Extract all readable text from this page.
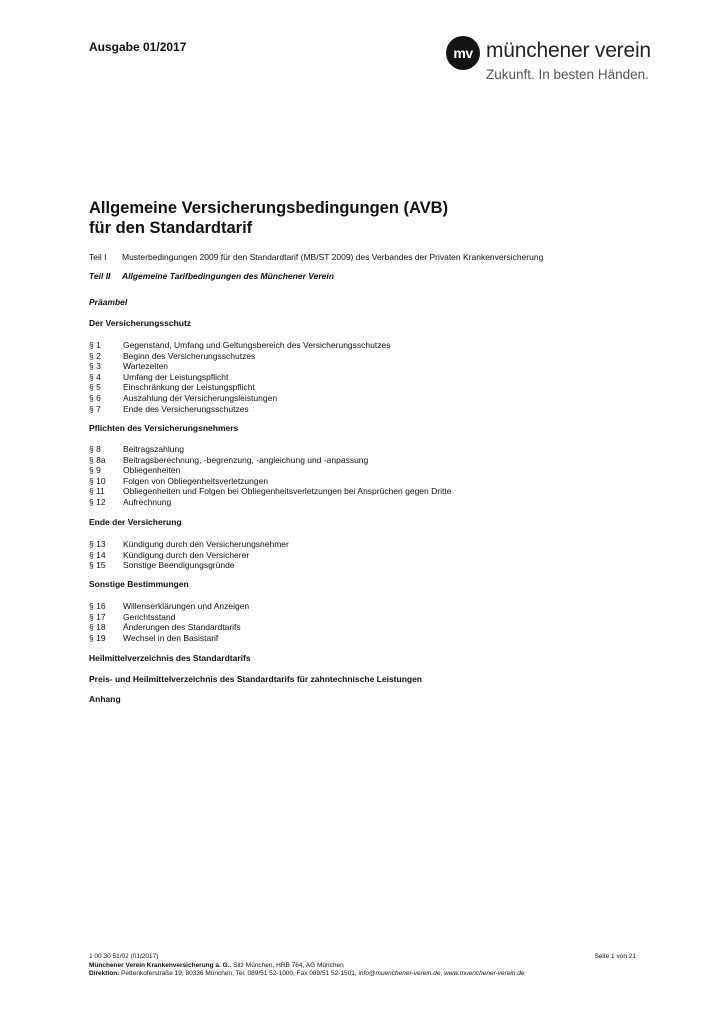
Ausgabe 01/2017	mv münchener verein
Zukunft. In besten Händen.
Allgemeine Versicherungsbedingungen (AVB)
für den Standardtarif
Teil I Musterbedingungen 2009 für den Standardtarif (MB/ST 2009) des Verbandes der Privaten Krankenversicherung
Teil II Allgemeine Tarifbedingungen des Münchener Verein
Präambel
Der Versicherungsschutz
§ 1	Gegenstand, Umfang und Geltungsbereich des Versicherungsschutzes
§ 2	Beginn des Versicherungsschutzes
§ 3	Wartezeiten
§ 4	Umfang der Leistungspflicht
§ 5	Einschränkung der Leistungspflicht
§ 6	Auszahlung der Versicherungsleistungen
§ 7	Ende des Versicherungsschutzes
Pflichten des Versicherungsnehmers
§ 8	Beitragszahlung
§ 8a Beitragsberechnung, -begrenzung, -angleichung und -anpassung
§ 9	Obliegenheiten
§ 10 Folgen von Obliegenheitsverletzungen
§ 11 Obliegenheiten und Folgen bei Obliegenheitsverletzungen bei Ansprüchen gegen Dritte
§ 12 Aufrechnung
Ende der Versicherung
§ 13 Kündigung durch den Versicherungsnehmer
§ 14 Kündigung durch den Versicherer
§ 15 Sonstige Beendigungsgründe
Sonstige Bestimmungen
§ 16 Willenserklärungen und Anzeigen
§ 17 Gerichtsstand
§ 18 Änderungen des Standardtarifs
§ 19 Wechsel in den Basistarif
Heilmittelverzeichnis des Standardtarifs
Preis- und Heilmittelverzeichnis des Standardtarifs für zahntechnische Leistungen
Anhang
1 00 30 51/02 (01/2017)
Münchener Verein Krankenversicherung a. G., Sitz München, HRB 764, AG München
Direktion: Pettenkoferstraße 19, 80336 München, Tel. 089/51 52-1000, Fax 089/51 52-1501, info@muenchener-verein.de, www.muenchener-verein.de
Seite 1 von 21
